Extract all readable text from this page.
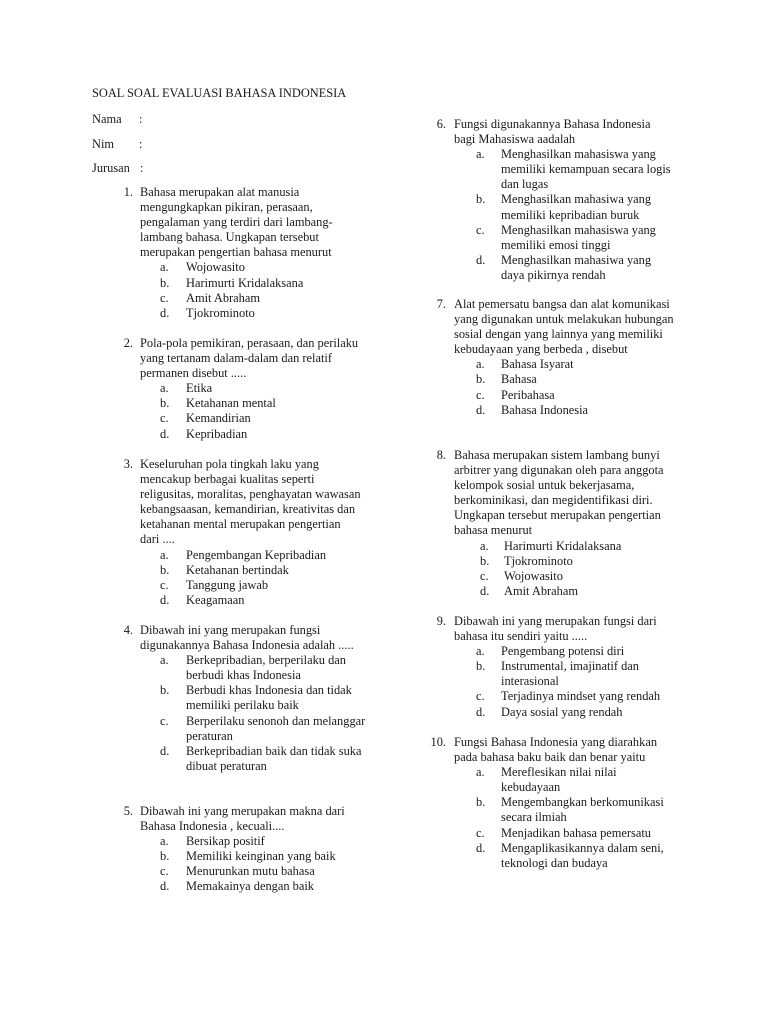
SOAL SOAL EVALUASI BAHASA INDONESIA
Nama :
Nim :
Jurusan :
1. Bahasa merupakan alat manusia mengungkapkan pikiran, perasaan, pengalaman yang terdiri dari lambang-lambang bahasa. Ungkapan tersebut merupakan pengertian bahasa menurut

a. Wojowasito
b. Harimurti Kridalaksana
c. Amit Abraham
d. Tjokrominoto
2. Pola-pola pemikiran, perasaan, dan perilaku yang tertanam dalam-dalam dan relatif permanen disebut .....

a. Etika
b. Ketahanan mental
c. Kemandirian
d. Kepribadian
3. Keseluruhan pola tingkah laku yang mencakup berbagai kualitas seperti religusitas, moralitas, penghayatan wawasan kebangsaasan, kemandirian, kreativitas dan ketahanan mental merupakan pengertian dari ....

a. Pengembangan Kepribadian
b. Ketahanan bertindak
c. Tanggung jawab
d. Keagamaan
4. Dibawah ini yang merupakan fungsi digunakannya Bahasa Indonesia adalah .....

a. Berkepribadian, berperilaku dan berbudi khas Indonesia
b. Berbudi khas Indonesia dan tidak memiliki perilaku baik
c. Berperilaku senonoh dan melanggar peraturan
d. Berkepribadian baik dan tidak suka dibuat peraturan
5. Dibawah ini yang merupakan makna dari Bahasa Indonesia , kecuali....

a. Bersikap positif
b. Memiliki keinginan yang baik
c. Menurunkan mutu bahasa
d. Memakainya dengan baik
6. Fungsi digunakannya Bahasa Indonesia bagi Mahasiswa aadalah

a. Menghasilkan mahasiswa yang memiliki kemampuan secara logis dan lugas
b. Menghasilkan mahasiwa yang memiliki kepribadian buruk
c. Menghasilkan mahasiswa yang memiliki emosi tinggi
d. Menghasilkan mahasiwa yang daya pikirnya rendah
7. Alat pemersatu bangsa dan alat komunikasi yang digunakan untuk melakukan hubungan sosial dengan yang lainnya yang memiliki kebudayaan yang berbeda , disebut

a. Bahasa Isyarat
b. Bahasa
c. Peribahasa
d. Bahasa Indonesia
8. Bahasa merupakan sistem lambang bunyi arbitrer yang digunakan oleh para anggota kelompok sosial untuk bekerjasama, berkominikasi, dan megidentifikasi diri. Ungkapan tersebut merupakan pengertian bahasa menurut

a. Harimurti Kridalaksana
b. Tjokrominoto
c. Wojowasito
d. Amit Abraham
9. Dibawah ini yang merupakan fungsi dari bahasa itu sendiri yaitu .....

a. Pengembang potensi diri
b. Instrumental, imajinatif dan interasional
c. Terjadinya mindset yang rendah
d. Daya sosial yang rendah
10. Fungsi Bahasa Indonesia yang diarahkan pada bahasa baku baik dan benar yaitu

a. Mereflesikan nilai nilai kebudayaan
b. Mengembangkan berkomunikasi secara ilmiah
c. Menjadikan bahasa pemersatu
d. Mengaplikasikannya dalam seni, teknologi dan budaya
